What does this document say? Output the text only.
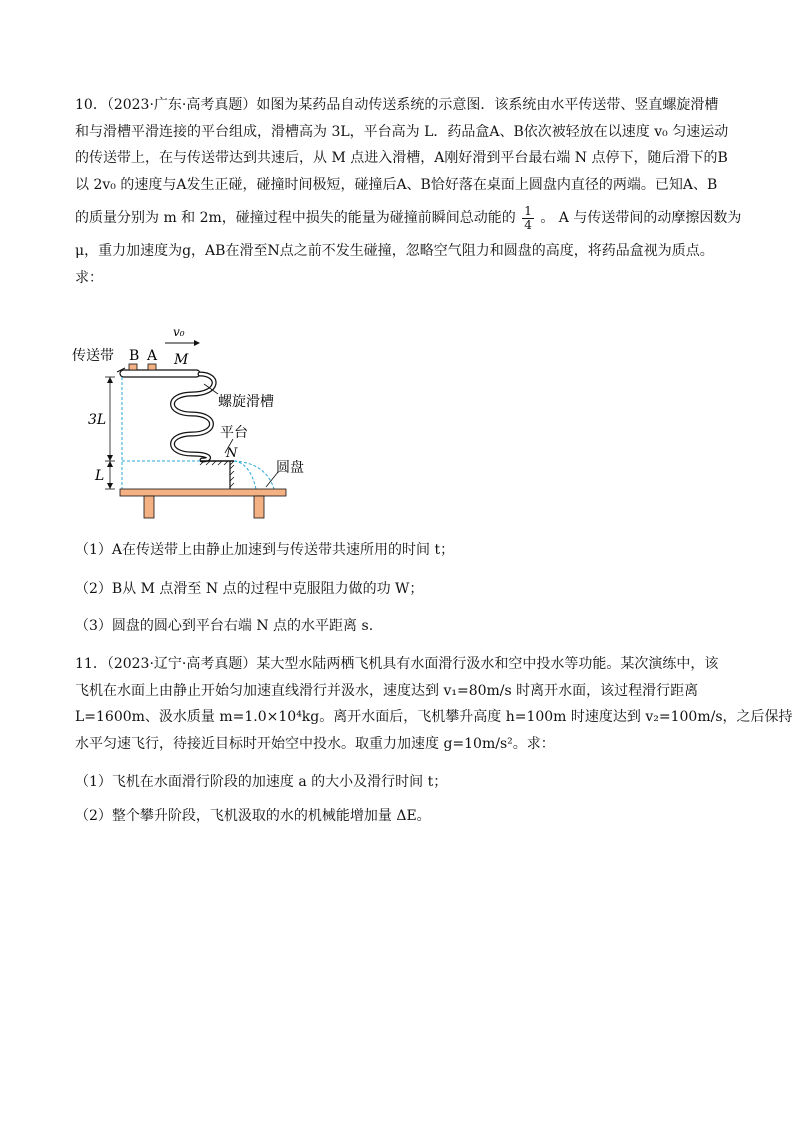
10．（2023·广东·高考真题）如图为某药品自动传送系统的示意图．该系统由水平传送带、竖直螺旋滑槽
和与滑槽平滑连接的平台组成，滑槽高为 3L，平台高为 L．药品盒A、B依次被轻放在以速度 v₀ 匀速运动
的传送带上，在与传送带达到共速后，从 M 点进入滑槽，A刚好滑到平台最右端 N 点停下，随后滑下的B
以 2v₀ 的速度与A发生正碰，碰撞时间极短，碰撞后A、B恰好落在桌面上圆盘内直径的两端。已知A、B
的质量分别为 m 和 2m，碰撞过程中损失的能量为碰撞前瞬间总动能的 $\frac{1}{4}$ 。 A 与传送带间的动摩擦因数为
μ，重力加速度为g，AB在滑至N点之前不发生碰撞，忽略空气阻力和圆盘的高度，将药品盒视为质点。
求：
v₀
传送带 B A M
螺旋滑槽
平台
N
3L
L	圆盘
（1）A在传送带上由静止加速到与传送带共速所用的时间 t；
（2）B从 M 点滑至 N 点的过程中克服阻力做的功 W；
（3）圆盘的圆心到平台右端 N 点的水平距离 s.
11．（2023·辽宁·高考真题）某大型水陆两栖飞机具有水面滑行汲水和空中投水等功能。某次演练中，该
飞机在水面上由静止开始匀加速直线滑行并汲水，速度达到 v₁=80m/s 时离开水面，该过程滑行距离
L=1600m、汲水质量 m=1.0×10⁴kg。离开水面后，飞机攀升高度 h=100m 时速度达到 v₂=100m/s，之后保持
水平匀速飞行，待接近目标时开始空中投水。取重力加速度 g=10m/s²。求：
（1）飞机在水面滑行阶段的加速度 a 的大小及滑行时间 t；
（2）整个攀升阶段，飞机汲取的水的机械能增加量 ΔE。
